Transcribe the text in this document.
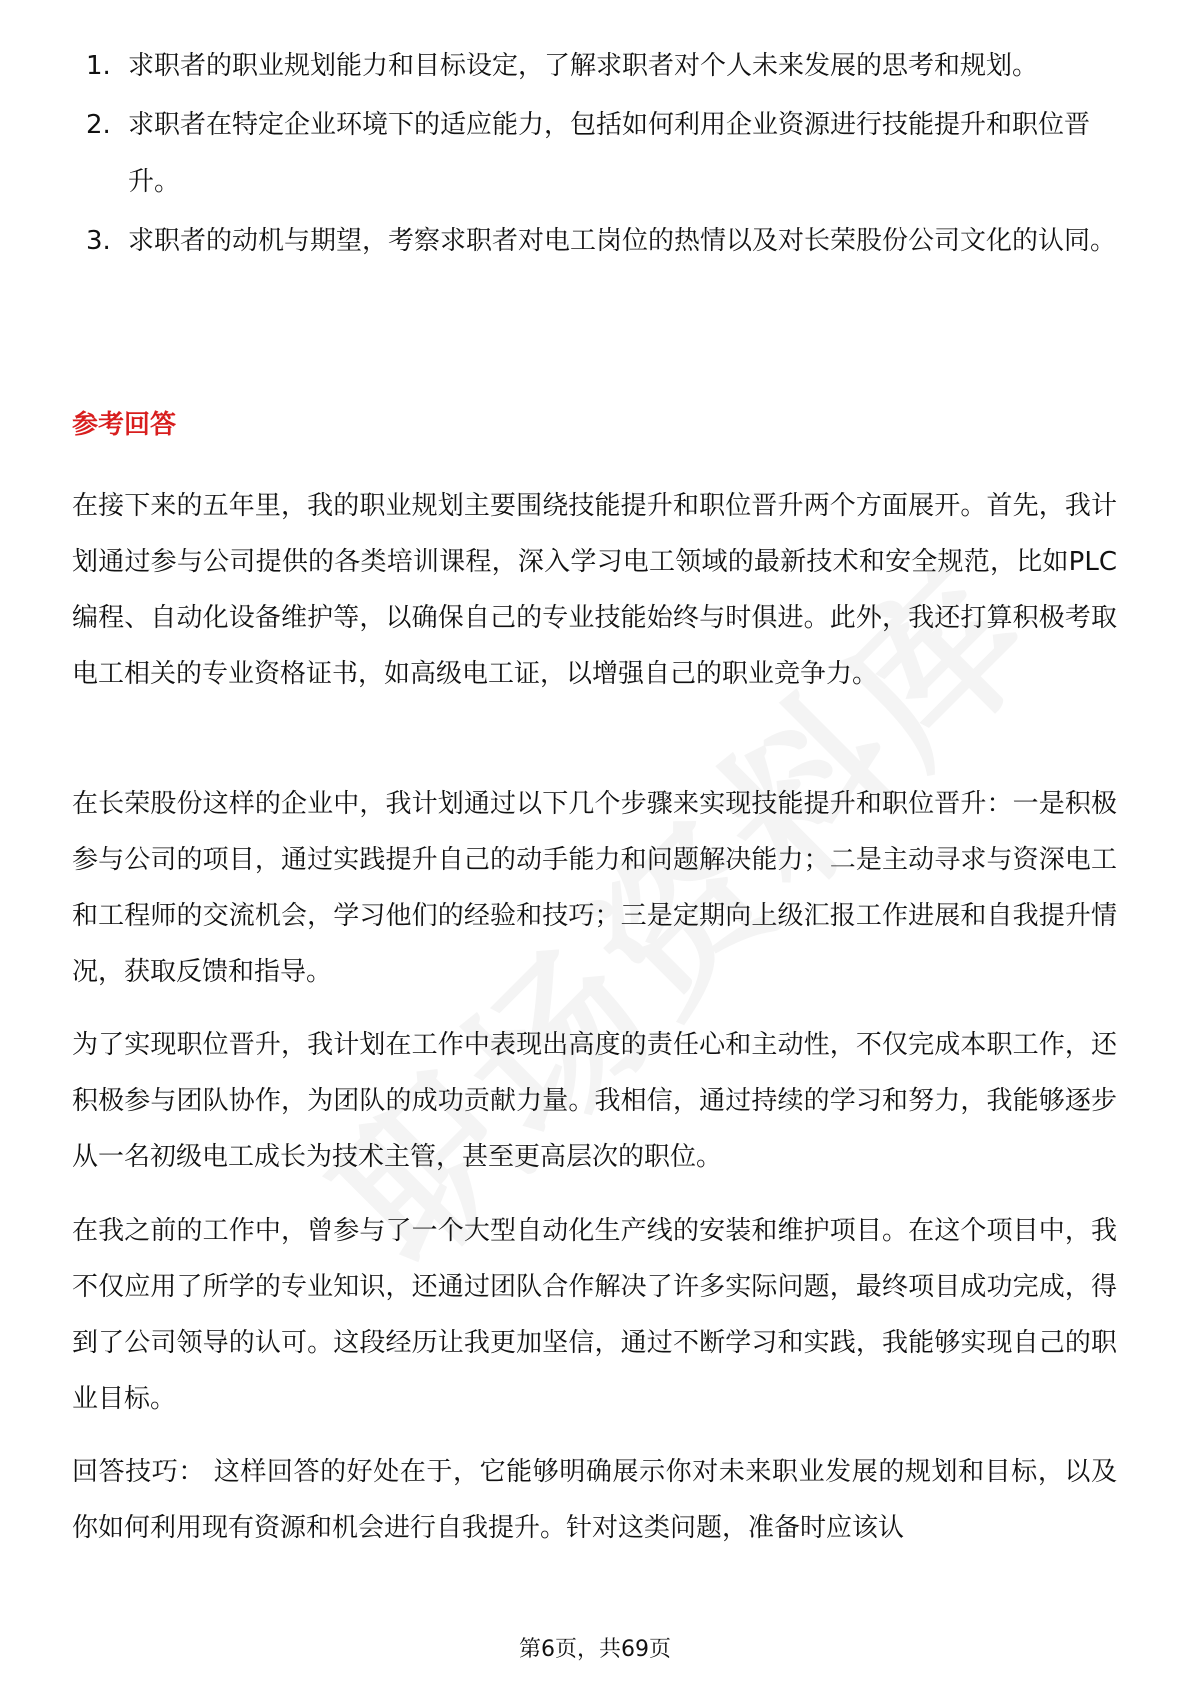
1. 求职者的职业规划能力和目标设定，了解求职者对个人未来发展的思考和规划。
2. 求职者在特定企业环境下的适应能力，包括如何利用企业资源进行技能提升和职位晋升。
3. 求职者的动机与期望，考察求职者对电工岗位的热情以及对长荣股份公司文化的认同。
参考回答

在接下来的五年里，我的职业规划主要围绕技能提升和职位晋升两个方面展开。首先，我计划通过参与公司提供的各类培训课程，深入学习电工领域的最新技术和安全规范，比如PLC编程、自动化设备维护等，以确保自己的专业技能始终与时俱进。此外，我还打算积极考取电工相关的专业资格证书，如高级电工证，以增强自己的职业竞争力。

在长荣股份这样的企业中，我计划通过以下几个步骤来实现技能提升和职位晋升：一是积极参与公司的项目，通过实践提升自己的动手能力和问题解决能力；二是主动寻求与资深电工和工程师的交流机会，学习他们的经验和技巧；三是定期向上级汇报工作进展和自我提升情况，获取反馈和指导。

为了实现职位晋升，我计划在工作中表现出高度的责任心和主动性，不仅完成本职工作，还积极参与团队协作，为团队的成功贡献力量。我相信，通过持续的学习和努力，我能够逐步从一名初级电工成长为技术主管，甚至更高层次的职位。

在我之前的工作中，曾参与了一个大型自动化生产线的安装和维护项目。在这个项目中，我不仅应用了所学的专业知识，还通过团队合作解决了许多实际问题，最终项目成功完成，得到了公司领导的认可。这段经历让我更加坚信，通过不断学习和实践，我能够实现自己的职业目标。

回答技巧： 这样回答的好处在于，它能够明确展示你对未来职业发展的规划和目标，以及你如何利用现有资源和机会进行自我提升。针对这类问题，准备时应该认

第6页，共69页
